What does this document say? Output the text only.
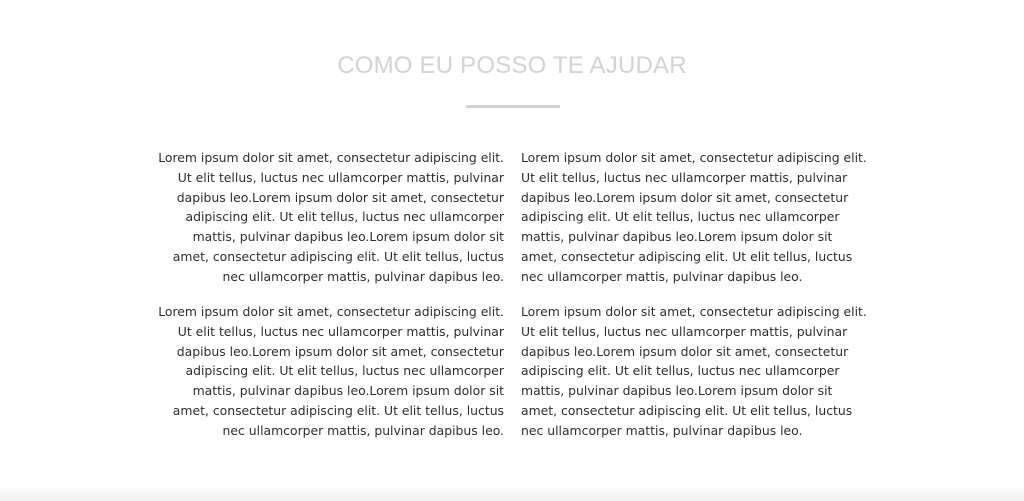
COMO EU POSSO TE AJUDAR

Lorem ipsum dolor sit amet, consectetur adipiscing elit. Ut elit tellus, luctus nec ullamcorper mattis, pulvinar dapibus leo.Lorem ipsum dolor sit amet, consectetur adipiscing elit. Ut elit tellus, luctus nec ullamcorper mattis, pulvinar dapibus leo.Lorem ipsum dolor sit amet, consectetur adipiscing elit. Ut elit tellus, luctus nec ullamcorper mattis, pulvinar dapibus leo.

Lorem ipsum dolor sit amet, consectetur adipiscing elit. Ut elit tellus, luctus nec ullamcorper mattis, pulvinar dapibus leo.Lorem ipsum dolor sit amet, consectetur adipiscing elit. Ut elit tellus, luctus nec ullamcorper mattis, pulvinar dapibus leo.Lorem ipsum dolor sit amet, consectetur adipiscing elit. Ut elit tellus, luctus nec ullamcorper mattis, pulvinar dapibus leo.

Lorem ipsum dolor sit amet, consectetur adipiscing elit. Ut elit tellus, luctus nec ullamcorper mattis, pulvinar dapibus leo.Lorem ipsum dolor sit amet, consectetur adipiscing elit. Ut elit tellus, luctus nec ullamcorper mattis, pulvinar dapibus leo.Lorem ipsum dolor sit amet, consectetur adipiscing elit. Ut elit tellus, luctus nec ullamcorper mattis, pulvinar dapibus leo.

Lorem ipsum dolor sit amet, consectetur adipiscing elit. Ut elit tellus, luctus nec ullamcorper mattis, pulvinar dapibus leo.Lorem ipsum dolor sit amet, consectetur adipiscing elit. Ut elit tellus, luctus nec ullamcorper mattis, pulvinar dapibus leo.Lorem ipsum dolor sit amet, consectetur adipiscing elit. Ut elit tellus, luctus nec ullamcorper mattis, pulvinar dapibus leo.
